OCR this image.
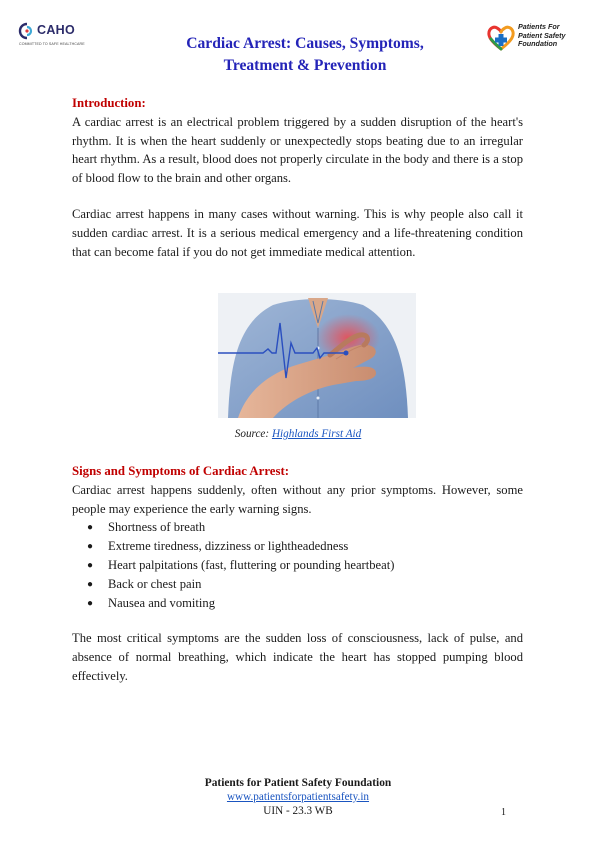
CAHO
COMMITTED TO SAFE HEALTHCARE
Patients For
Patient Safety
Foundation
Cardiac Arrest: Causes, Symptoms,
Treatment & Prevention
Introduction:

A cardiac arrest is an electrical problem triggered by a sudden disruption of the heart's rhythm. It is when the heart suddenly or unexpectedly stops beating due to an irregular heart rhythm. As a result, blood does not properly circulate in the body and there is a stop of blood flow to the brain and other organs.

Cardiac arrest happens in many cases without warning. This is why people also call it sudden cardiac arrest. It is a serious medical emergency and a life-threatening condition that can become fatal if you do not get immediate medical attention.

Source: Highlands First Aid
Signs and Symptoms of Cardiac Arrest:

Cardiac arrest happens suddenly, often without any prior symptoms. However, some people may experience the early warning signs.

● Shortness of breath
● Extreme tiredness, dizziness or lightheadedness
● Heart palpitations (fast, fluttering or pounding heartbeat)
● Back or chest pain
● Nausea and vomiting

The most critical symptoms are the sudden loss of consciousness, lack of pulse, and absence of normal breathing, which indicate the heart has stopped pumping blood effectively.

Patients for Patient Safety Foundation
www.patientsforpatientsafety.in
UIN - 23.3 WB	1
